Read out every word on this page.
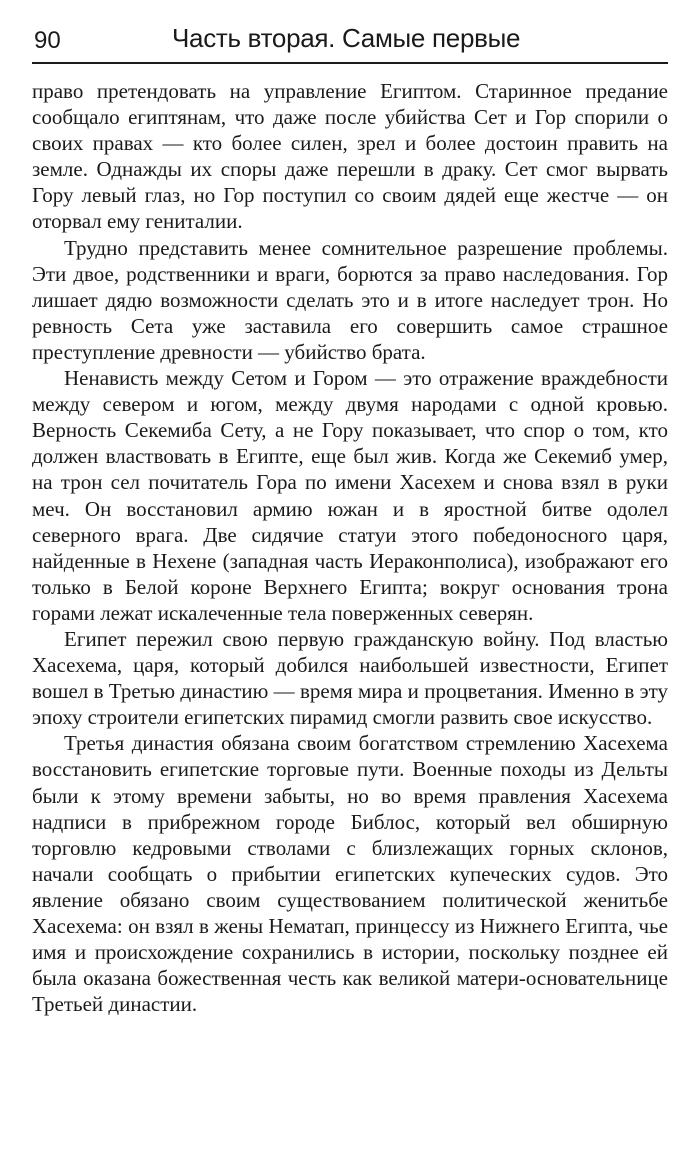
90	Часть вторая. Самые первые

право претендовать на управление Египтом. Старинное предание сообщало египтянам, что даже после убийства Сет и Гор спорили о своих правах — кто более силен, зрел и более достоин править на земле. Однажды их споры даже перешли в драку. Сет смог вырвать Гору левый глаз, но Гор поступил со своим дядей еще жестче — он оторвал ему гениталии.

Трудно представить менее сомнительное разрешение проблемы. Эти двое, родственники и враги, борются за право наследования. Гор лишает дядю возможности сделать это и в итоге наследует трон. Но ревность Сета уже заставила его совершить самое страшное преступление древности — убийство брата.

Ненависть между Сетом и Гором — это отражение враждебности между севером и югом, между двумя народами с одной кровью. Верность Секемиба Сету, а не Гору показывает, что спор о том, кто должен властвовать в Египте, еще был жив. Когда же Секемиб умер, на трон сел почитатель Гора по имени Хасехем и снова взял в руки меч. Он восстановил армию южан и в яростной битве одолел северного врага. Две сидячие статуи этого победоносного царя, найденные в Нехене (западная часть Иераконполиса), изображают его только в Белой короне Верхнего Египта; вокруг основания трона горами лежат искалеченные тела поверженных северян.

Египет пережил свою первую гражданскую войну. Под властью Хасехема, царя, который добился наибольшей известности, Египет вошел в Третью династию — время мира и процветания. Именно в эту эпоху строители египетских пирамид смогли развить свое искусство.

Третья династия обязана своим богатством стремлению Хасехема восстановить египетские торговые пути. Военные походы из Дельты были к этому времени забыты, но во время правления Хасехема надписи в прибрежном городе Библос, который вел обширную торговлю кедровыми стволами с близлежащих горных склонов, начали сообщать о прибытии египетских купеческих судов. Это явление обязано своим существованием политической женитьбе Хасехема: он взял в жены Нематап, принцессу из Нижнего Египта, чье имя и происхождение сохранились в истории, поскольку позднее ей была оказана божественная честь как великой матери-основательнице Третьей династии.
